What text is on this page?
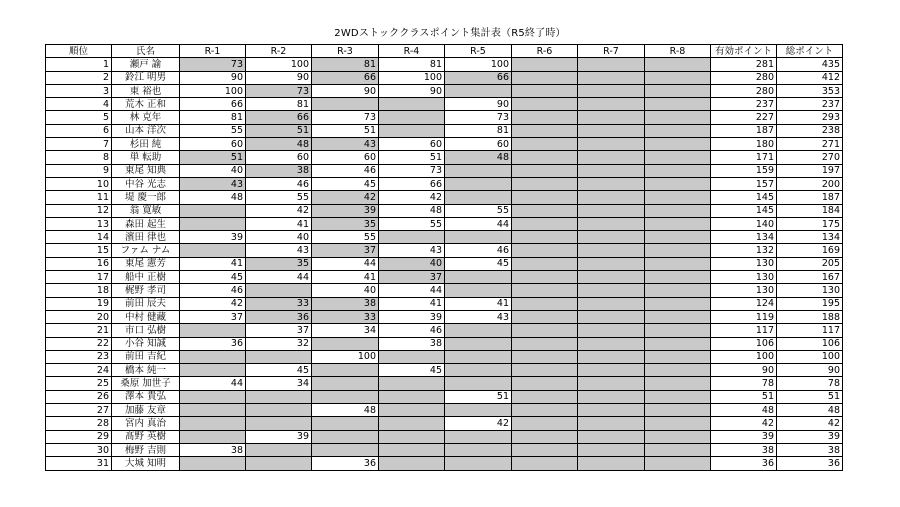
2WDストッククラスポイント集計表（R5終了時）
順位	氏名	R-1	R-2	R-3	R-4	R-5	R-6	R-7	R-8	有効ポイント	総ポイント
1	瀬戸 諭	73	100	81	81	100				281	435
2	鈴江 明男	90	90	66	100	66				280	412
3	東 裕也	100	73	90	90					280	353
4	荒木 正和	66	81			90				237	237
5	林 克年	81	66	73		73				227	293
6	山本 洋次	55	51	51		81				187	238
7	杉田 純	60	48	43	60	60				180	271
8	単 転助	51	60	60	51	48				171	270
9	東尾 知典	40	38	46	73					159	197
10	中谷 光志	43	46	45	66					157	200
11	堤 慶一郎	48	55	42	42					145	187
12	翁 寛敏		42	39	48	55				145	184
13	森田 起生		41	35	55	44				140	175
14	濱田 律也	39	40	55						134	134
15	ファム ナム		43	37	43	46				132	169
16	東尾 憲芳	41	35	44	40	45				130	205
17	船中 正樹	45	44	41	37					130	167
18	梶野 孝司	46		40	44					130	130
19	前田 辰夫	42	33	38	41	41				124	195
20	中村 健藏	37	36	33	39	43				119	188
21	市口 弘樹		37	34	46					117	117
22	小谷 知誠	36	32		38					106	106
23	前田 吉紀			100						100	100
24	橋本 純一		45		45					90	90
25	桑原 加世子	44	34							78	78
26	澤本 貴弘					51				51	51
27	加藤 友章			48						48	48
28	宮内 真治					42				42	42
29	髙野 英樹		39							39	39
30	梅野 吉則	38								38	38
31	大城 知明			36						36	36
